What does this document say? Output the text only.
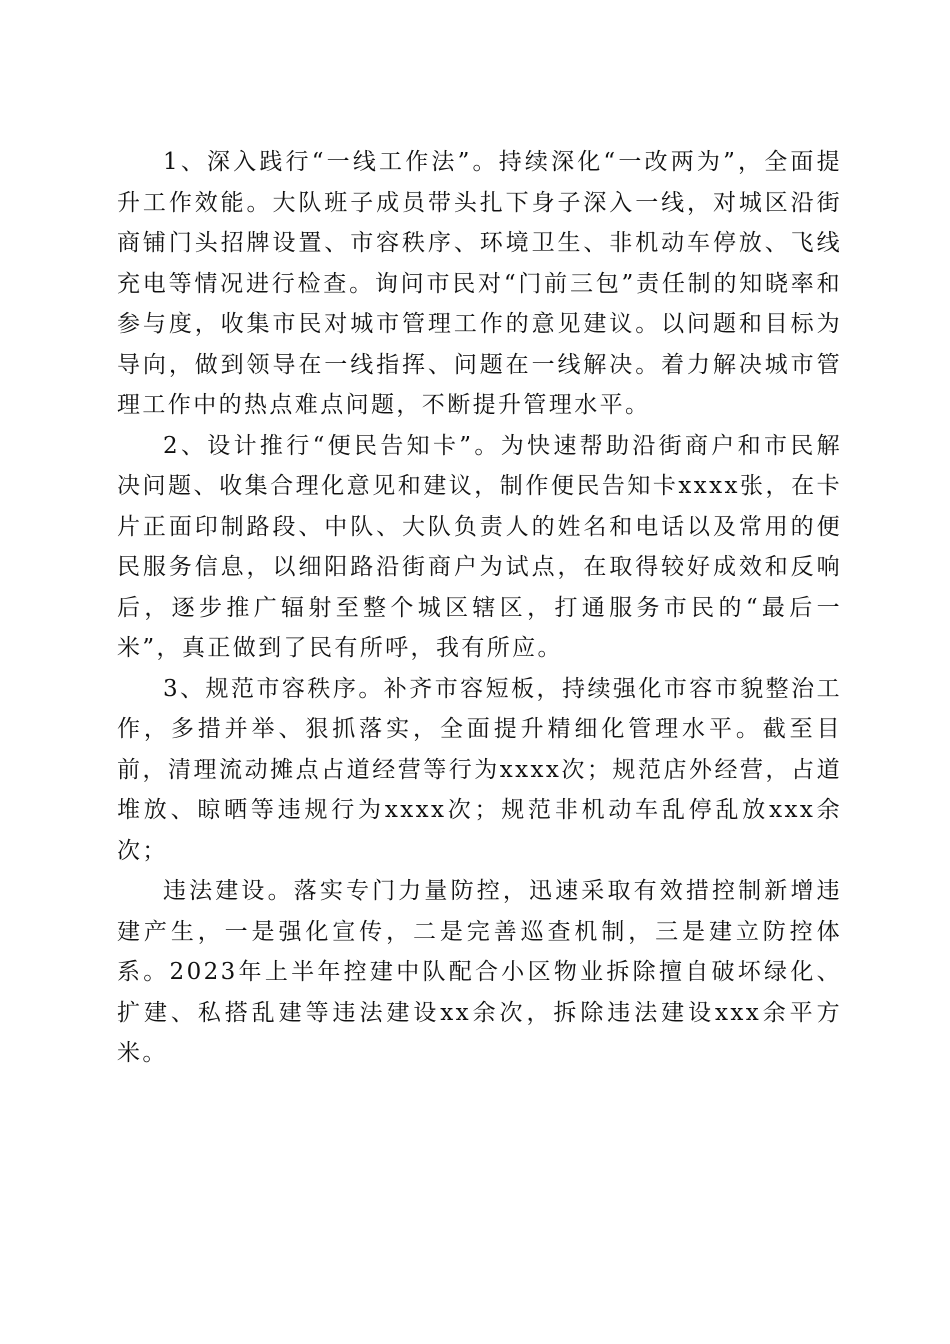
1、深入践行“一线工作法”。持续深化“一改两为”，全面提升工作效能。大队班子成员带头扎下身子深入一线，对城区沿街商铺门头招牌设置、市容秩序、环境卫生、非机动车停放、飞线充电等情况进行检查。询问市民对“门前三包”责任制的知晓率和参与度，收集市民对城市管理工作的意见建议。以问题和目标为导向，做到领导在一线指挥、问题在一线解决。着力解决城市管理工作中的热点难点问题，不断提升管理水平。

2、设计推行“便民告知卡”。为快速帮助沿街商户和市民解决问题、收集合理化意见和建议，制作便民告知卡xxxx张，在卡片正面印制路段、中队、大队负责人的姓名和电话以及常用的便民服务信息，以细阳路沿街商户为试点，在取得较好成效和反响后，逐步推广辐射至整个城区辖区，打通服务市民的“最后一米”，真正做到了民有所呼，我有所应。

3、规范市容秩序。补齐市容短板，持续强化市容市貌整治工作，多措并举、狠抓落实，全面提升精细化管理水平。截至目前，清理流动摊点占道经营等行为xxxx次；规范店外经营，占道堆放、晾晒等违规行为xxxx次；规范非机动车乱停乱放xxx余次；

违法建设。落实专门力量防控，迅速采取有效措控制新增违建产生，一是强化宣传，二是完善巡查机制，三是建立防控体系。2023年上半年控建中队配合小区物业拆除擅自破坏绿化、扩建、私搭乱建等违法建设xx余次，拆除违法建设xxx余平方米。
